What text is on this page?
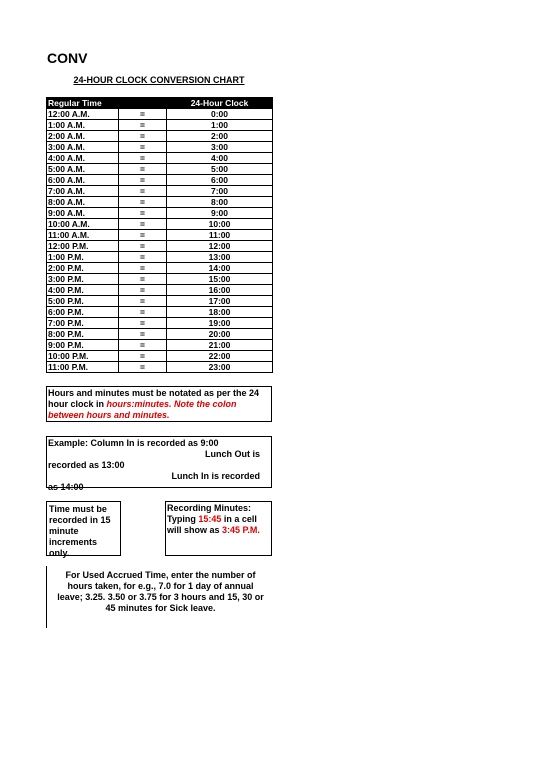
CONV
24-HOUR CLOCK CONVERSION CHART
Regular Time		24-Hour Clock
12:00 A.M.	=	0:00
1:00 A.M.	=	1:00
2:00 A.M.	=	2:00
3:00 A.M.	=	3:00
4:00 A.M.	=	4:00
5:00 A.M.	=	5:00
6:00 A.M.	=	6:00
7:00 A.M.	=	7:00
8:00 A.M.	=	8:00
9:00 A.M.	=	9:00
10:00 A.M.	=	10:00
11:00 A.M.	=	11:00
12:00 P.M.	=	12:00
1:00 P.M.	=	13:00
2:00 P.M.	=	14:00
3:00 P.M.	=	15:00
4:00 P.M.	=	16:00
5:00 P.M.	=	17:00
6:00 P.M.	=	18:00
7:00 P.M.	=	19:00
8:00 P.M.	=	20:00
9:00 P.M.	=	21:00
10:00 P.M.	=	22:00
11:00 P.M.	=	23:00
Hours and minutes must be notated as per the 24 hour clock in hours:minutes. Note the colon between hours and minutes.
Example: Column In is recorded as 9:00
Lunch Out is
recorded as 13:00
Lunch In is recorded
as 14:00
Time must be recorded in 15 minute increments only.
Recording Minutes:
Typing 15:45 in a cell will show as 3:45 P.M.
For Used Accrued Time, enter the number of hours taken, for e.g., 7.0 for 1 day of annual leave; 3.25. 3.50 or 3.75 for 3 hours and 15, 30 or 45 minutes for Sick leave.
